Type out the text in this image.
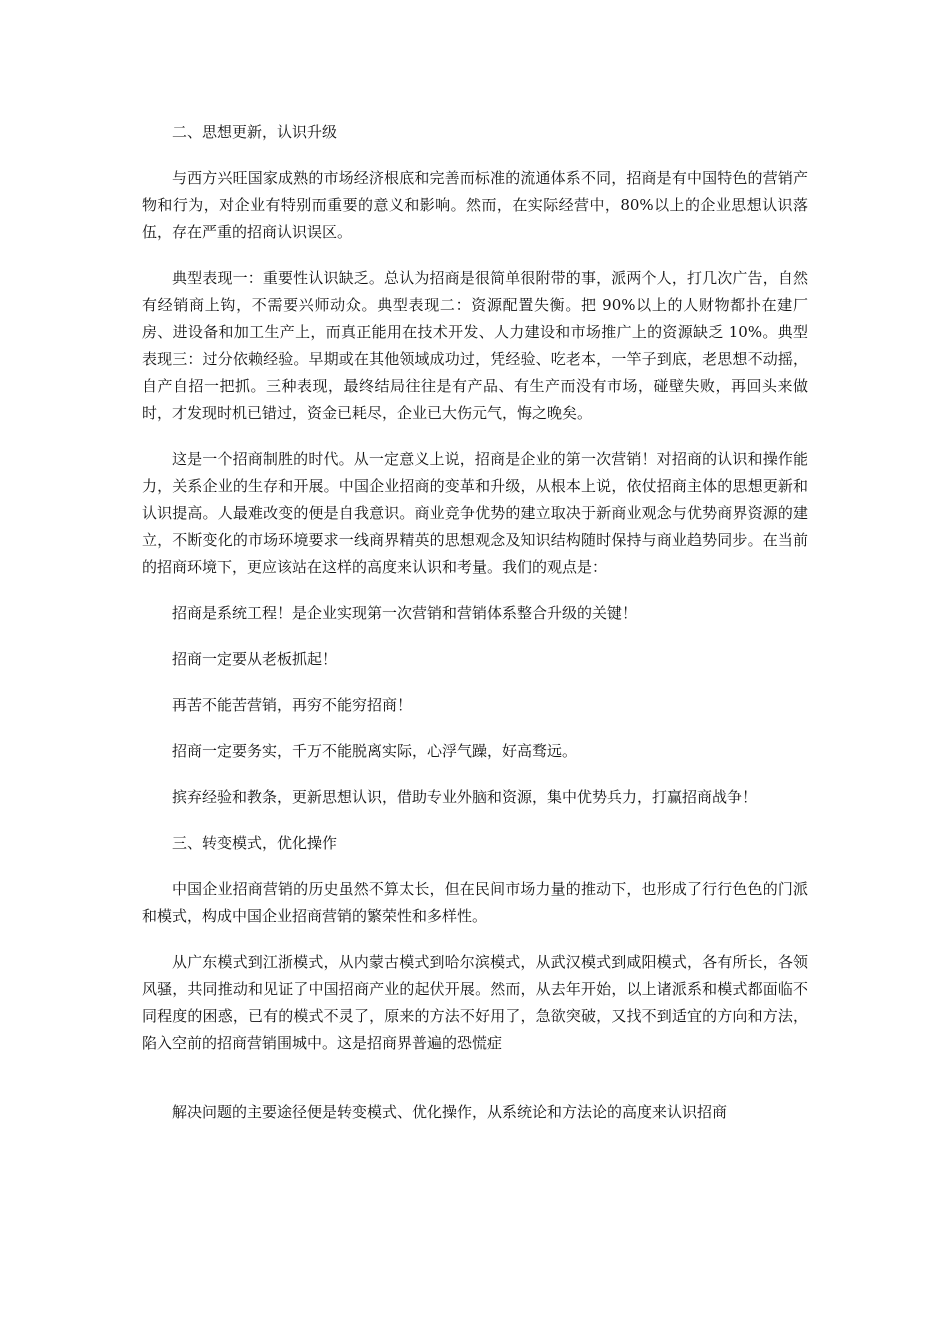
二、思想更新，认识升级

与西方兴旺国家成熟的市场经济根底和完善而标准的流通体系不同，招商是有中国特色的营销产物和行为，对企业有特别而重要的意义和影响。然而，在实际经营中，80%以上的企业思想认识落伍，存在严重的招商认识误区。

典型表现一：重要性认识缺乏。总认为招商是很简单很附带的事，派两个人，打几次广告，自然有经销商上钩，不需要兴师动众。典型表现二：资源配置失衡。把 90%以上的人财物都扑在建厂房、进设备和加工生产上，而真正能用在技术开发、人力建设和市场推广上的资源缺乏 10%。典型表现三：过分依赖经验。早期或在其他领域成功过，凭经验、吃老本，一竿子到底，老思想不动摇，自产自招一把抓。三种表现，最终结局往往是有产品、有生产而没有市场，碰壁失败，再回头来做时，才发现时机已错过，资金已耗尽，企业已大伤元气，悔之晚矣。

这是一个招商制胜的时代。从一定意义上说，招商是企业的第一次营销！对招商的认识和操作能力，关系企业的生存和开展。中国企业招商的变革和升级，从根本上说，依仗招商主体的思想更新和认识提高。人最难改变的便是自我意识。商业竞争优势的建立取决于新商业观念与优势商界资源的建立，不断变化的市场环境要求一线商界精英的思想观念及知识结构随时保持与商业趋势同步。在当前的招商环境下，更应该站在这样的高度来认识和考量。我们的观点是：

招商是系统工程！是企业实现第一次营销和营销体系整合升级的关键！

招商一定要从老板抓起！

再苦不能苦营销，再穷不能穷招商！

招商一定要务实，千万不能脱离实际，心浮气躁，好高骛远。

摈弃经验和教条，更新思想认识，借助专业外脑和资源，集中优势兵力，打赢招商战争！

三、转变模式，优化操作

中国企业招商营销的历史虽然不算太长，但在民间市场力量的推动下，也形成了行行色色的门派和模式，构成中国企业招商营销的繁荣性和多样性。

从广东模式到江浙模式，从内蒙古模式到哈尔滨模式，从武汉模式到咸阳模式，各有所长，各领风骚，共同推动和见证了中国招商产业的起伏开展。然而，从去年开始，以上诸派系和模式都面临不同程度的困惑，已有的模式不灵了，原来的方法不好用了，急欲突破，又找不到适宜的方向和方法，陷入空前的招商营销围城中。这是招商界普遍的恐慌症

解决问题的主要途径便是转变模式、优化操作，从系统论和方法论的高度来认识招商
